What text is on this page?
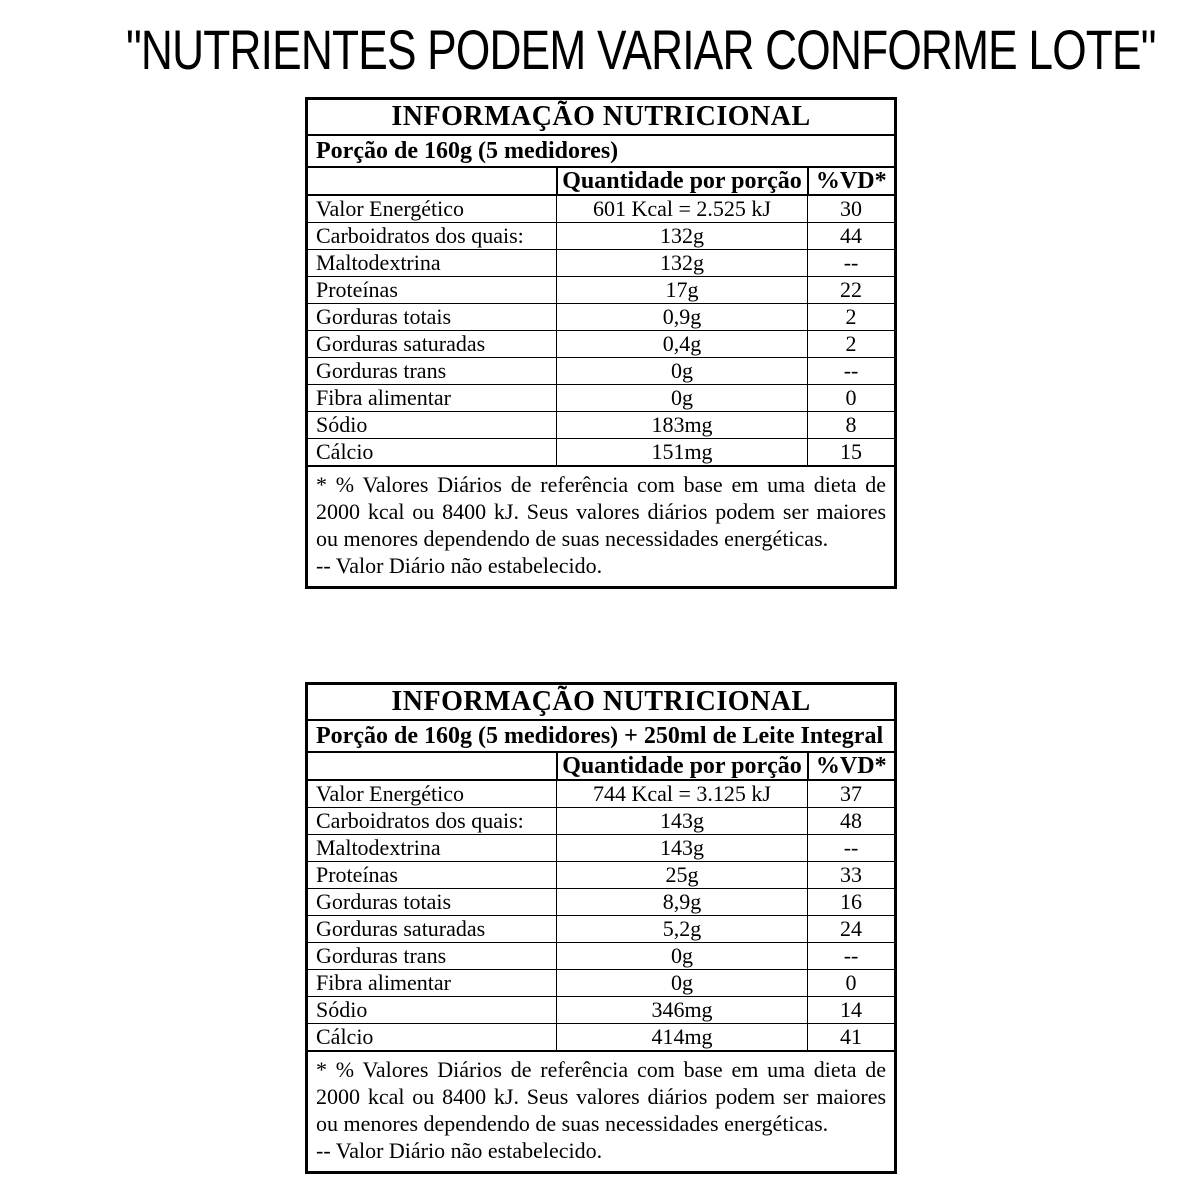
"NUTRIENTES PODEM VARIAR CONFORME LOTE"
INFORMAÇÃO NUTRICIONAL		
Porção de 160g (5 medidores)		
	Quantidade por porção	%VD*
Valor Energético	601 Kcal = 2.525 kJ	30
Carboidratos dos quais:	132g	44
Maltodextrina	132g	--
Proteínas	17g	22
Gorduras totais	0,9g	2
Gorduras saturadas	0,4g	2
Gorduras trans	0g	--
Fibra alimentar	0g	0
Sódio	183mg	8
Cálcio	151mg	15

* % Valores Diários de referência com base em uma dieta de 2000 kcal ou 8400 kJ. Seus valores diários podem ser maiores ou menores dependendo de suas necessidades energéticas.

-- Valor Diário não estabelecido.		

INFORMAÇÃO NUTRICIONAL		
Porção de 160g (5 medidores) + 250ml de Leite Integral		
	Quantidade por porção	%VD*
Valor Energético	744 Kcal = 3.125 kJ	37
Carboidratos dos quais:	143g	48
Maltodextrina	143g	--
Proteínas	25g	33
Gorduras totais	8,9g	16
Gorduras saturadas	5,2g	24
Gorduras trans	0g	--
Fibra alimentar	0g	0
Sódio	346mg	14
Cálcio	414mg	41

* % Valores Diários de referência com base em uma dieta de 2000 kcal ou 8400 kJ. Seus valores diários podem ser maiores ou menores dependendo de suas necessidades energéticas.

-- Valor Diário não estabelecido.		
